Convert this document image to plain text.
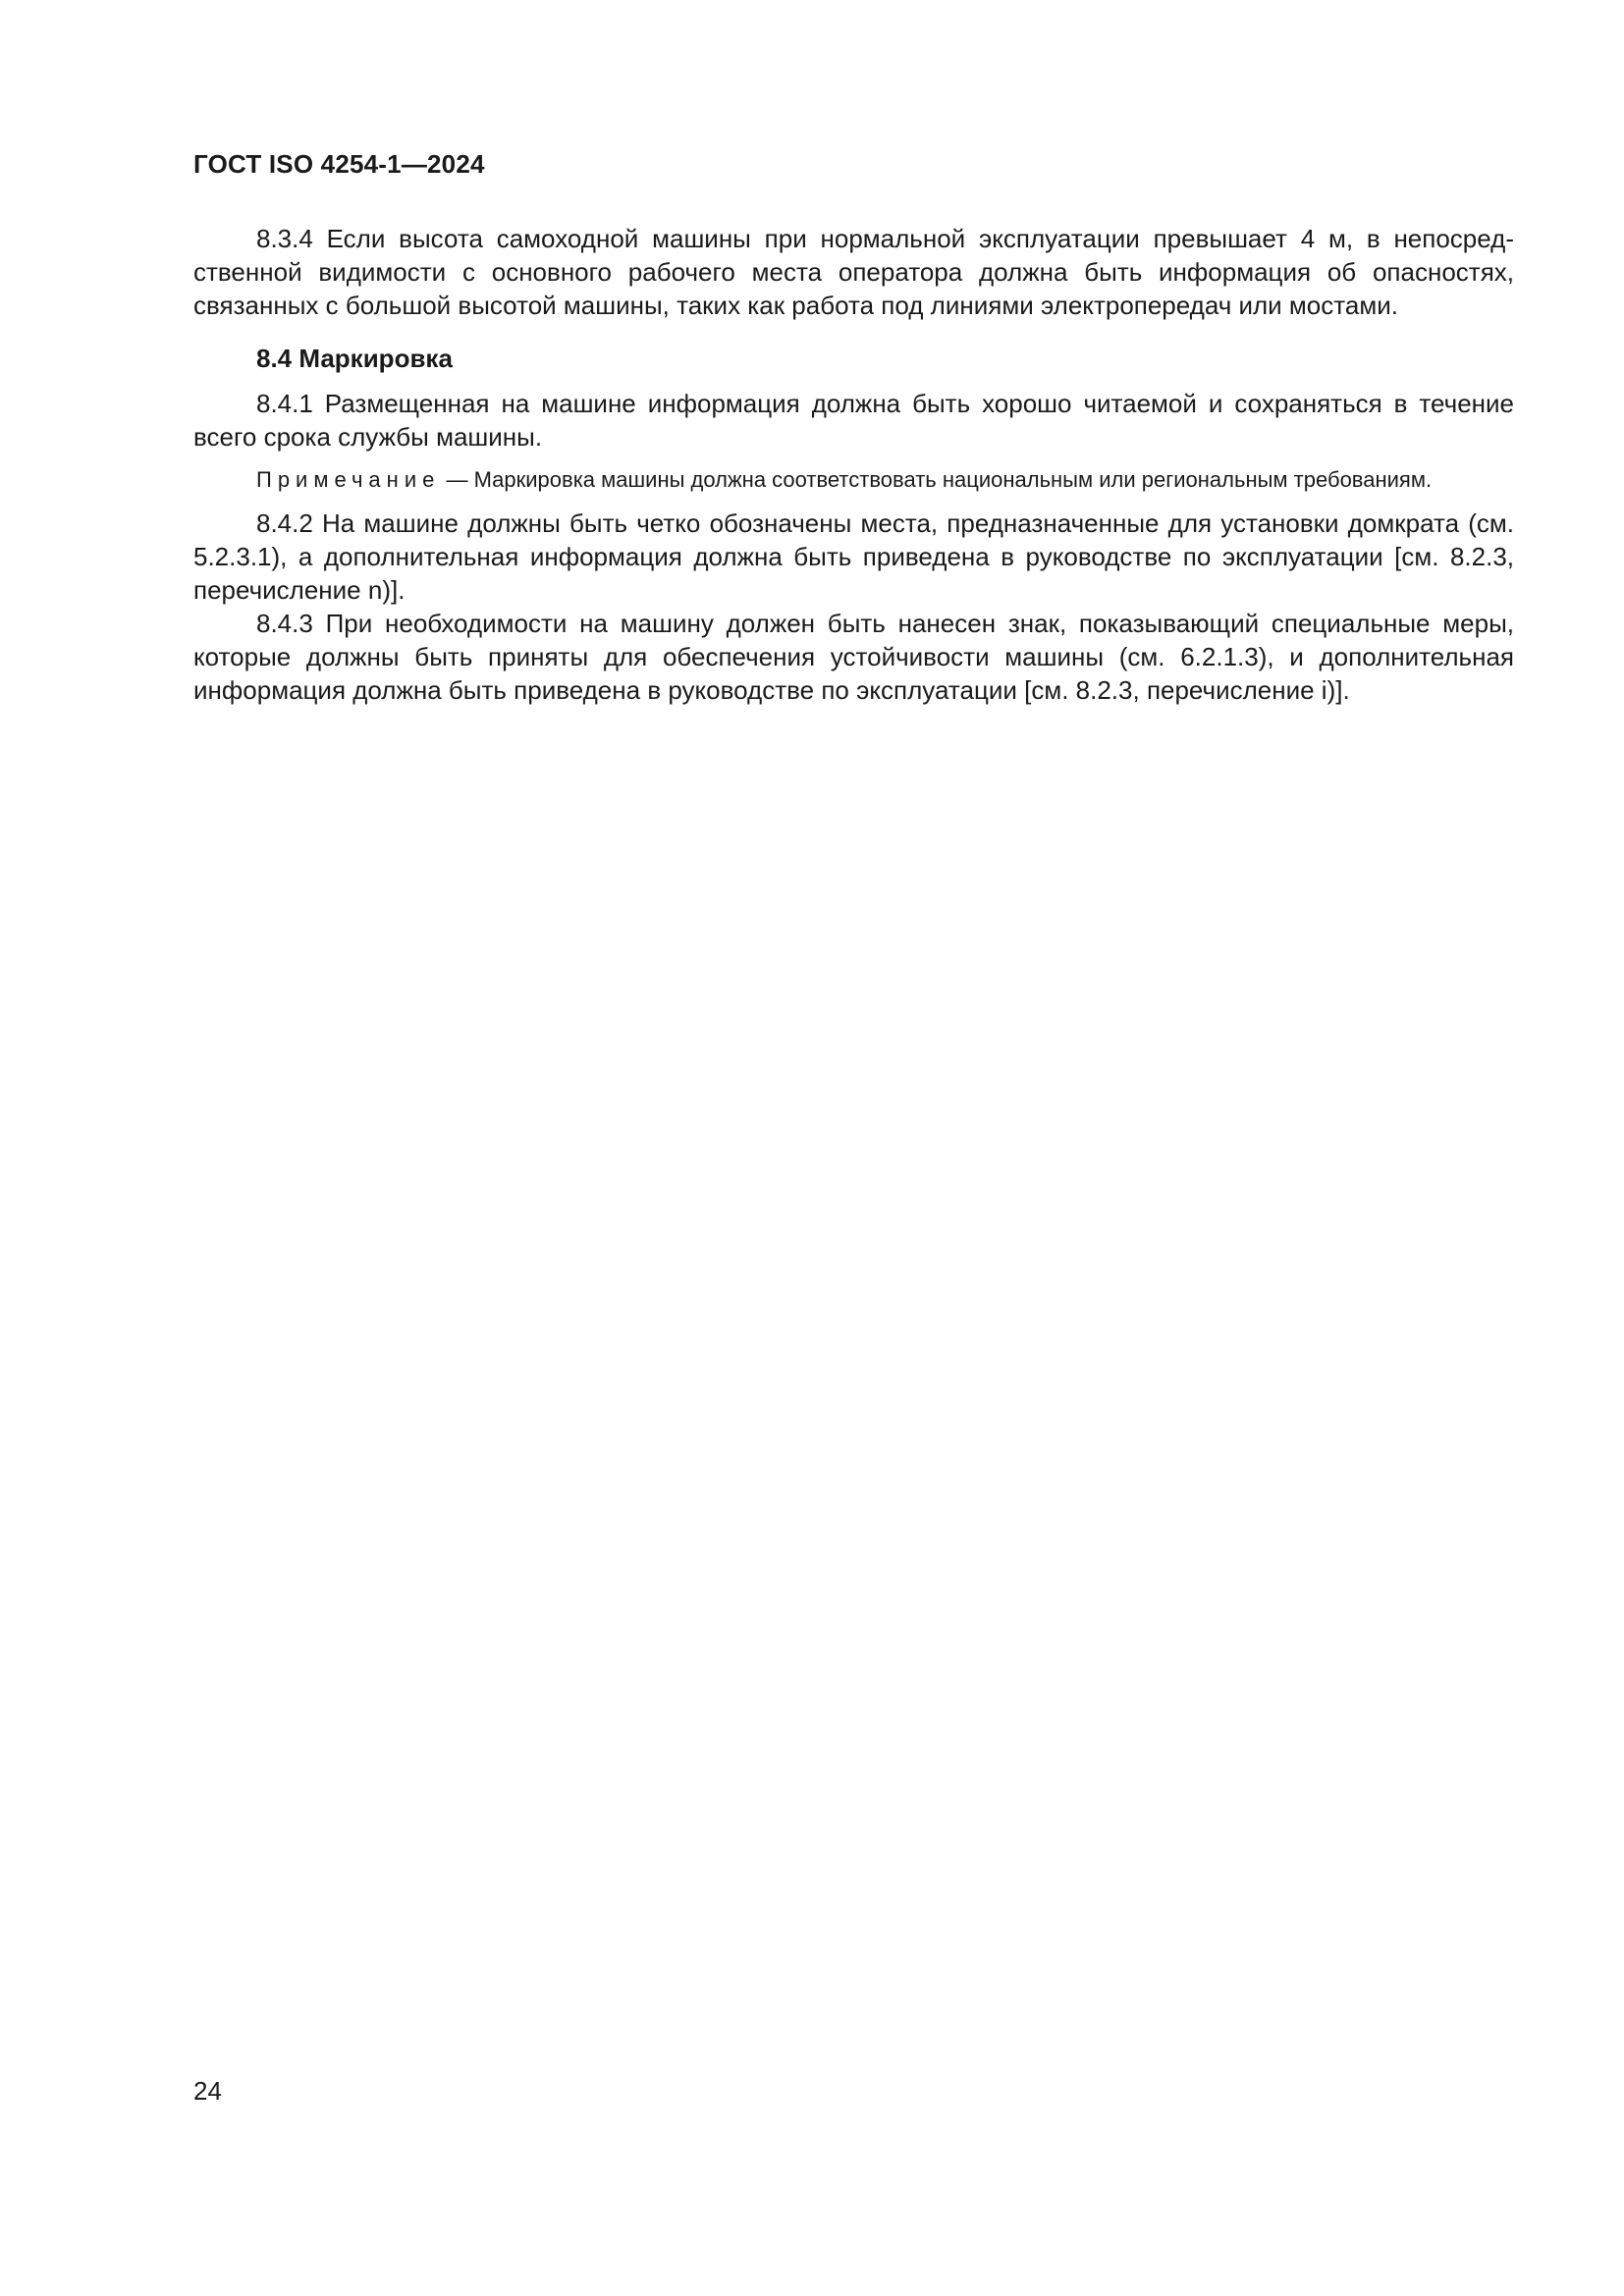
ГОСТ ISO 4254-1—2024

8.3.4 Если высота самоходной машины при нормальной эксплуатации превышает 4 м, в непосредственной видимости с основного рабочего места оператора должна быть информация об опасностях, связанных с большой высотой машины, таких как работа под линиями электропередач или мостами.

8.4 Маркировка

8.4.1 Размещенная на машине информация должна быть хорошо читаемой и сохраняться в течение всего срока службы машины.

Примечание — Маркировка машины должна соответствовать национальным или региональным требованиям.

8.4.2 На машине должны быть четко обозначены места, предназначенные для установки домкрата (см. 5.2.3.1), а дополнительная информация должна быть приведена в руководстве по эксплуатации [см. 8.2.3, перечисление n)].

8.4.3 При необходимости на машину должен быть нанесен знак, показывающий специальные меры, которые должны быть приняты для обеспечения устойчивости машины (см. 6.2.1.3), и дополнительная информация должна быть приведена в руководстве по эксплуатации [см. 8.2.3, перечисление i)].

24
